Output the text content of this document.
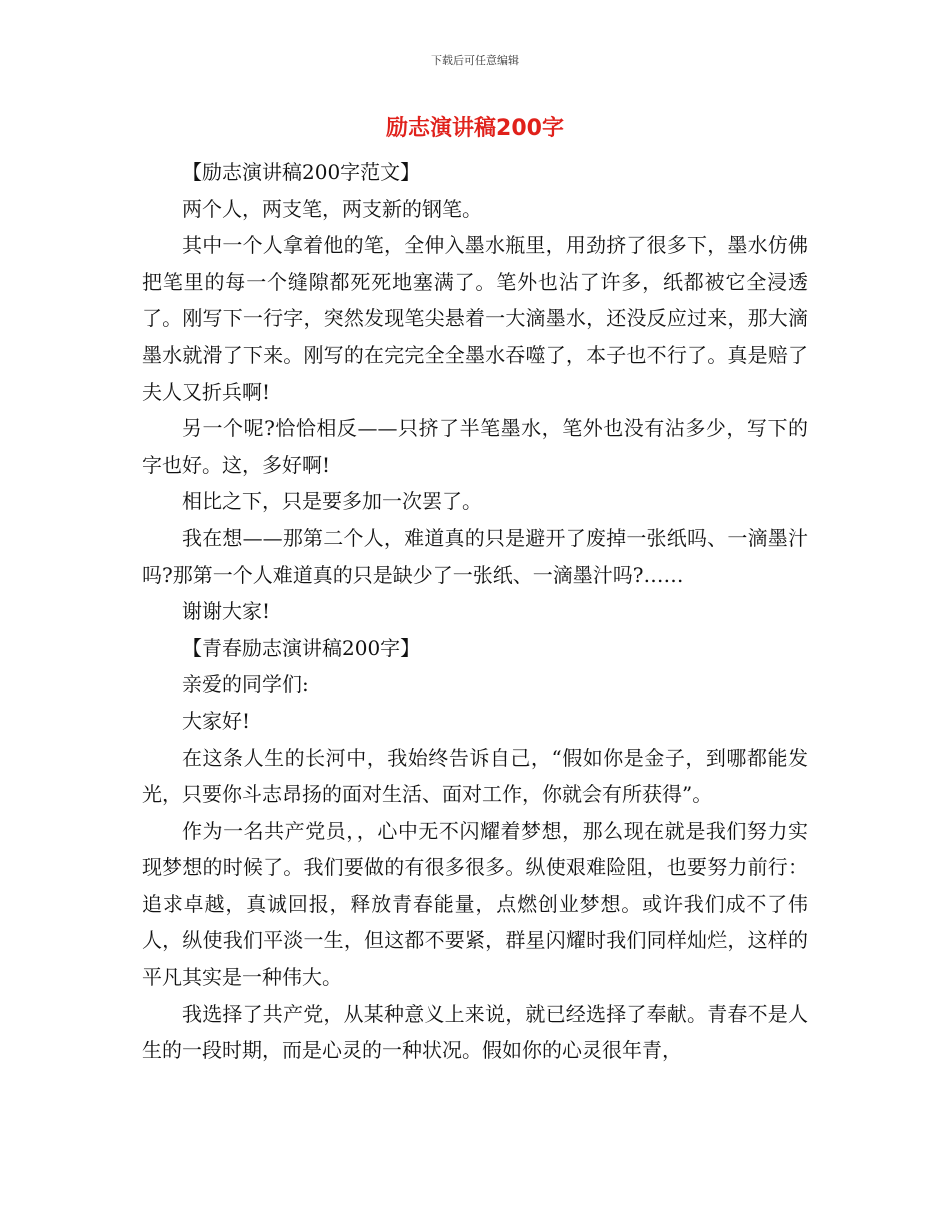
下载后可任意编辑
励志演讲稿200字

【励志演讲稿200字范文】

两个人，两支笔，两支新的钢笔。

其中一个人拿着他的笔，全伸入墨水瓶里，用劲挤了很多下，墨水仿佛把笔里的每一个缝隙都死死地塞满了。笔外也沾了许多，纸都被它全浸透了。刚写下一行字，突然发现笔尖悬着一大滴墨水，还没反应过来，那大滴墨水就滑了下来。刚写的在完完全全墨水吞噬了，本子也不行了。真是赔了夫人又折兵啊!

另一个呢?恰恰相反——只挤了半笔墨水，笔外也没有沾多少，写下的字也好。这，多好啊!

相比之下，只是要多加一次罢了。

我在想——那第二个人，难道真的只是避开了废掉一张纸吗、一滴墨汁吗?那第一个人难道真的只是缺少了一张纸、一滴墨汁吗?……

谢谢大家!

【青春励志演讲稿200字】

亲爱的同学们:

大家好!

在这条人生的长河中，我始终告诉自己，“假如你是金子，到哪都能发光，只要你斗志昂扬的面对生活、面对工作，你就会有所获得”。

作为一名共产党员，，心中无不闪耀着梦想，那么现在就是我们努力实现梦想的时候了。我们要做的有很多很多。纵使艰难险阻，也要努力前行：追求卓越，真诚回报，释放青春能量，点燃创业梦想。或许我们成不了伟人，纵使我们平淡一生，但这都不要紧，群星闪耀时我们同样灿烂，这样的平凡其实是一种伟大。

我选择了共产党，从某种意义上来说，就已经选择了奉献。青春不是人生的一段时期，而是心灵的一种状况。假如你的心灵很年青，
